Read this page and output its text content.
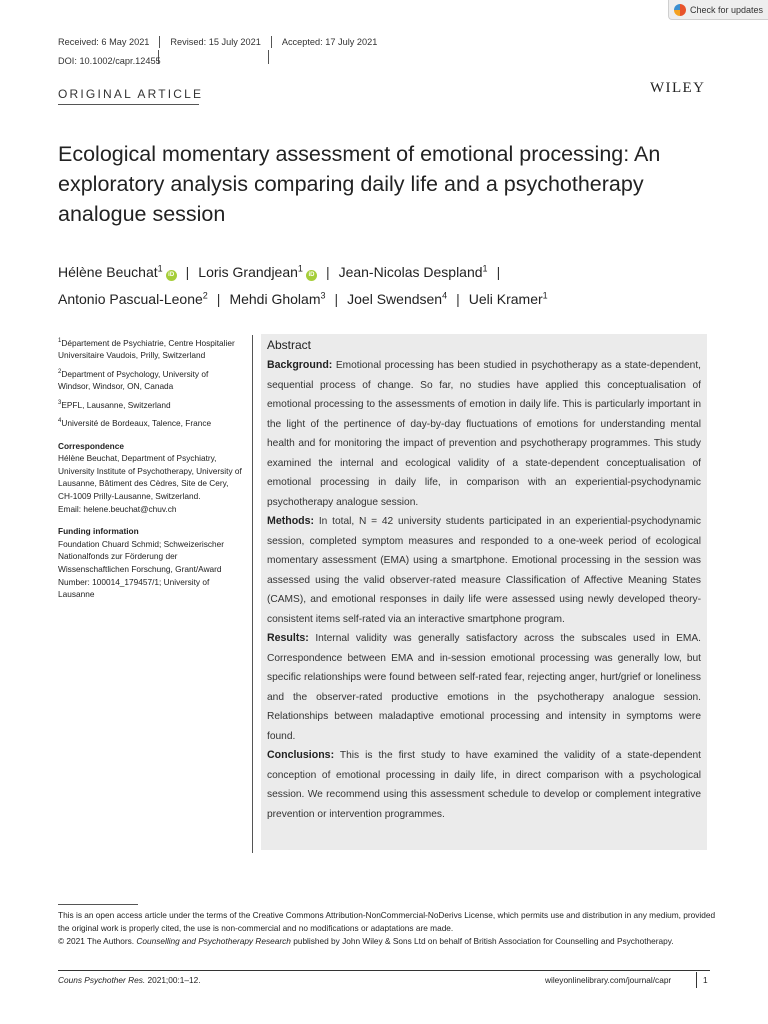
Check for updates
Received: 6 May 2021	Revised: 15 July 2021	Accepted: 17 July 2021
DOI: 10.1002/capr.12455
ORIGINAL ARTICLE	WILEY
Ecological momentary assessment of emotional processing: An exploratory analysis comparing daily life and a psychotherapy analogue session
Hélène Beuchat$^1$iD | Loris Grandjean$^1$iD | Jean-Nicolas Despland$^1$ |
Antonio Pascual-Leone$^2$ | Mehdi Gholam$^3$ | Joel Swendsen$^4$ | Ueli Kramer$^1$

$^1$Département de Psychiatrie, Centre Hospitalier Universitaire Vaudois, Prilly, Switzerland

$^2$Department of Psychology, University of Windsor, Windsor, ON, Canada

$^3$EPFL, Lausanne, Switzerland

$^4$Université de Bordeaux, Talence, France

Correspondence

Hélène Beuchat, Department of Psychiatry, University Institute of Psychotherapy, University of Lausanne, Bâtiment des Cèdres, Site de Cery, CH-1009 Prilly-Lausanne, Switzerland.

Email: helene.beuchat@chuv.ch

Funding information

Foundation Chuard Schmid; Schweizerischer Nationalfonds zur Förderung der Wissenschaftlichen Forschung, Grant/Award Number: 100014_179457/1; University of Lausanne

Abstract

Background: Emotional processing has been studied in psychotherapy as a state-dependent, sequential process of change. So far, no studies have applied this conceptualisation of emotional processing to the assessments of emotion in daily life. This is particularly important in the light of the pertinence of day-by-day fluctuations of emotions for understanding mental health and for monitoring the impact of prevention and psychotherapy programmes. This study examined the internal and ecological validity of a state-dependent conceptualisation of emotional processing in daily life, in comparison with an experiential-psychodynamic psychotherapy analogue session.

Methods: In total, N = 42 university students participated in an experiential-psychodynamic session, completed symptom measures and responded to a one-week period of ecological momentary assessment (EMA) using a smartphone. Emotional processing in the session was assessed using the valid observer-rated measure Classification of Affective Meaning States (CAMS), and emotional responses in daily life were assessed using newly developed theory-consistent items self-rated via an interactive smartphone program.

Results: Internal validity was generally satisfactory across the subscales used in EMA. Correspondence between EMA and in-session emotional processing was generally low, but specific relationships were found between self-rated fear, rejecting anger, hurt/grief or loneliness and the observer-rated productive emotions in the psychotherapy analogue session. Relationships between maladaptive emotional processing and intensity in symptoms were found.

Conclusions: This is the first study to have examined the validity of a state-dependent conception of emotional processing in daily life, in direct comparison with a psychological session. We recommend using this assessment schedule to develop or complement integrative prevention or intervention programmes.

This is an open access article under the terms of the Creative Commons Attribution-NonCommercial-NoDerivs License, which permits use and distribution in any medium, provided the original work is properly cited, the use is non-commercial and no modifications or adaptations are made.

© 2021 The Authors. Counselling and Psychotherapy Research published by John Wiley & Sons Ltd on behalf of British Association for Counselling and Psychotherapy.

Couns Psychother Res. 2021;00:1–12.	wileyonlinelibrary.com/journal/capr	1
